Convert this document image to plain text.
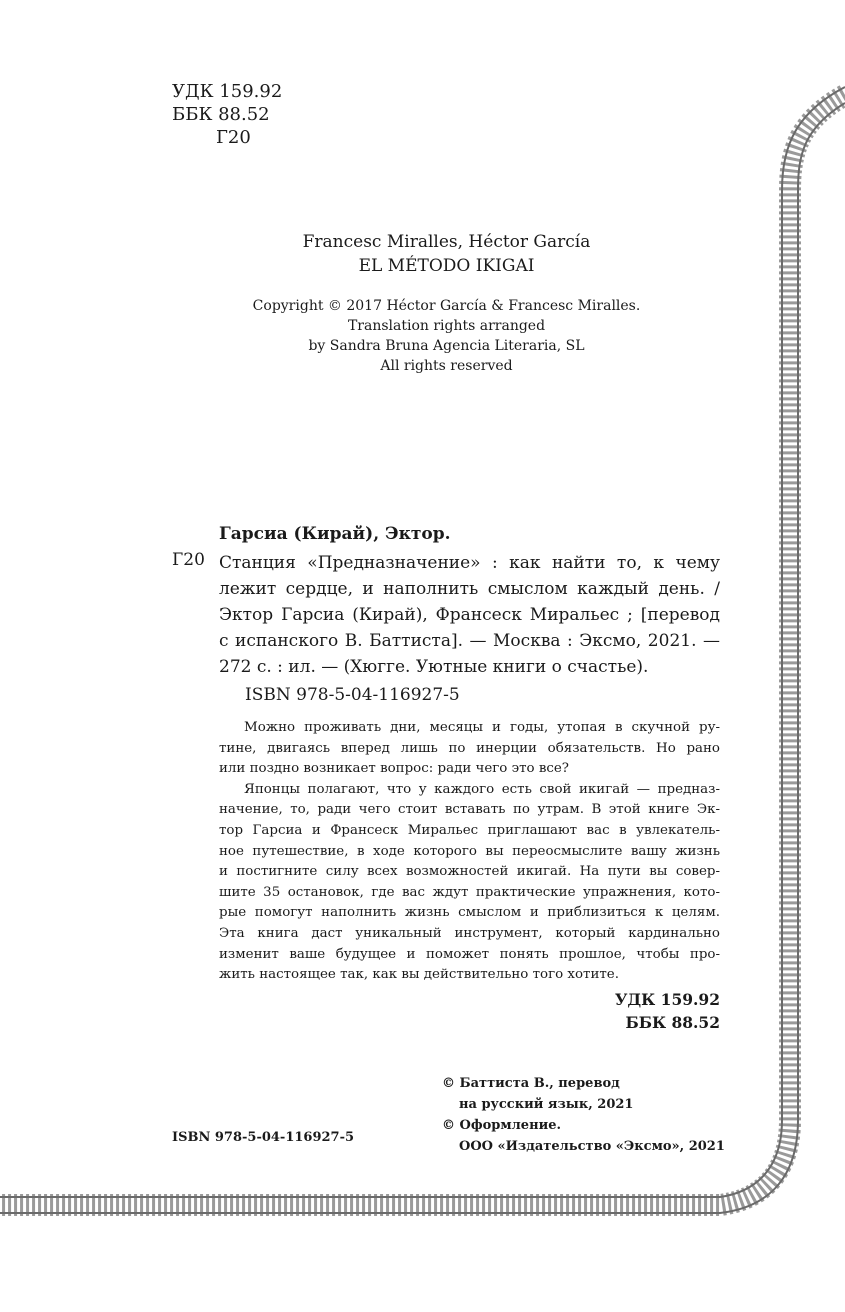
УДК 159.92
ББК 88.52
Г20
Francesc Miralles, Héctor García
EL MÉTODO IKIGAI
Copyright © 2017 Héctor García & Francesc Miralles.
Translation rights arranged
by Sandra Bruna Agencia Literaria, SL
All rights reserved
Гарсиа (Кирай), Эктор.
Г20 Станция «Предназначение» : как найти то, к чему
лежит сердце, и наполнить смыслом каждый день. /
Эктор Гарсиа (Кирай), Франсеск Миральес ; [перевод
с испанского В. Баттиста]. — Москва : Эксмо, 2021. —
272 с. : ил. — (Хюгге. Уютные книги о счастье).
ISBN 978-5-04-116927-5
Можно проживать дни, месяцы и годы, утопая в скучной ру-
тине, двигаясь вперед лишь по инерции обязательств. Но рано
или поздно возникает вопрос: ради чего это все?
Японцы полагают, что у каждого есть свой икигай — предназ-
начение, то, ради чего стоит вставать по утрам. В этой книге Эк-
тор Гарсиа и Франсеск Миральес приглашают вас в увлекатель-
ное путешествие, в ходе которого вы переосмыслите вашу жизнь
и постигните силу всех возможностей икигай. На пути вы совер-
шите 35 остановок, где вас ждут практические упражнения, кото-
рые помогут наполнить жизнь смыслом и приблизиться к целям.
Эта книга даст уникальный инструмент, который кардинально
изменит ваше будущее и поможет понять прошлое, чтобы про-
жить настоящее так, как вы действительно того хотите.
УДК 159.92
ББК 88.52
© Баттиста В., перевод
на русский язык, 2021
© Оформление.
ООО «Издательство «Эксмо», 2021
ISBN 978-5-04-116927-5
